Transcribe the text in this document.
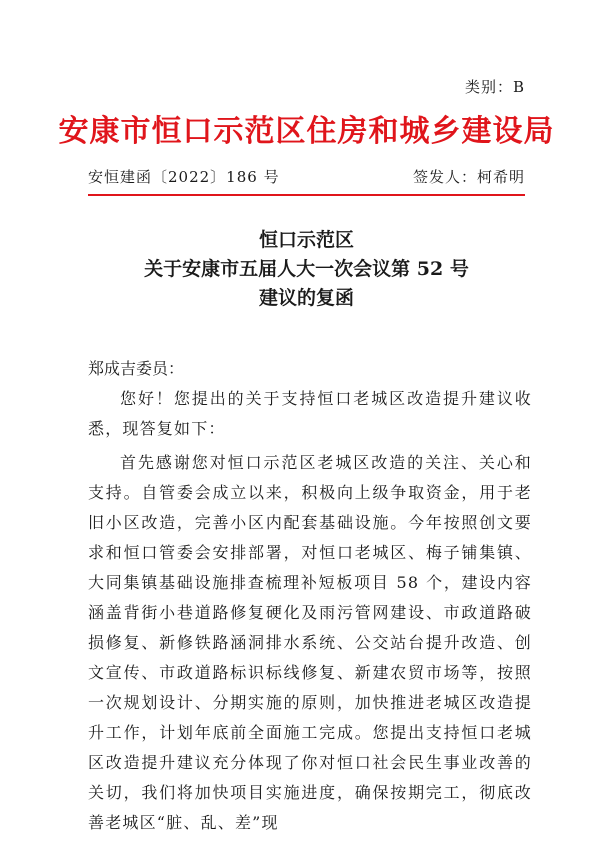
类别：B
安康市恒口示范区住房和城乡建设局
安恒建函〔2022〕186 号	签发人：柯希明
恒口示范区
关于安康市五届人大一次会议第 52 号
建议的复函
郑成吉委员：
您好！您提出的关于支持恒口老城区改造提升建议收悉，现答复如下：
首先感谢您对恒口示范区老城区改造的关注、关心和支持。自管委会成立以来，积极向上级争取资金，用于老旧小区改造，完善小区内配套基础设施。今年按照创文要求和恒口管委会安排部署，对恒口老城区、梅子铺集镇、大同集镇基础设施排查梳理补短板项目 58 个，建设内容涵盖背街小巷道路修复硬化及雨污管网建设、市政道路破损修复、新修铁路涵洞排水系统、公交站台提升改造、创文宣传、市政道路标识标线修复、新建农贸市场等，按照一次规划设计、分期实施的原则，加快推进老城区改造提升工作，计划年底前全面施工完成。您提出支持恒口老城区改造提升建议充分体现了你对恒口社会民生事业改善的关切，我们将加快项目实施进度，确保按期完工，彻底改善老城区“脏、乱、差”现
